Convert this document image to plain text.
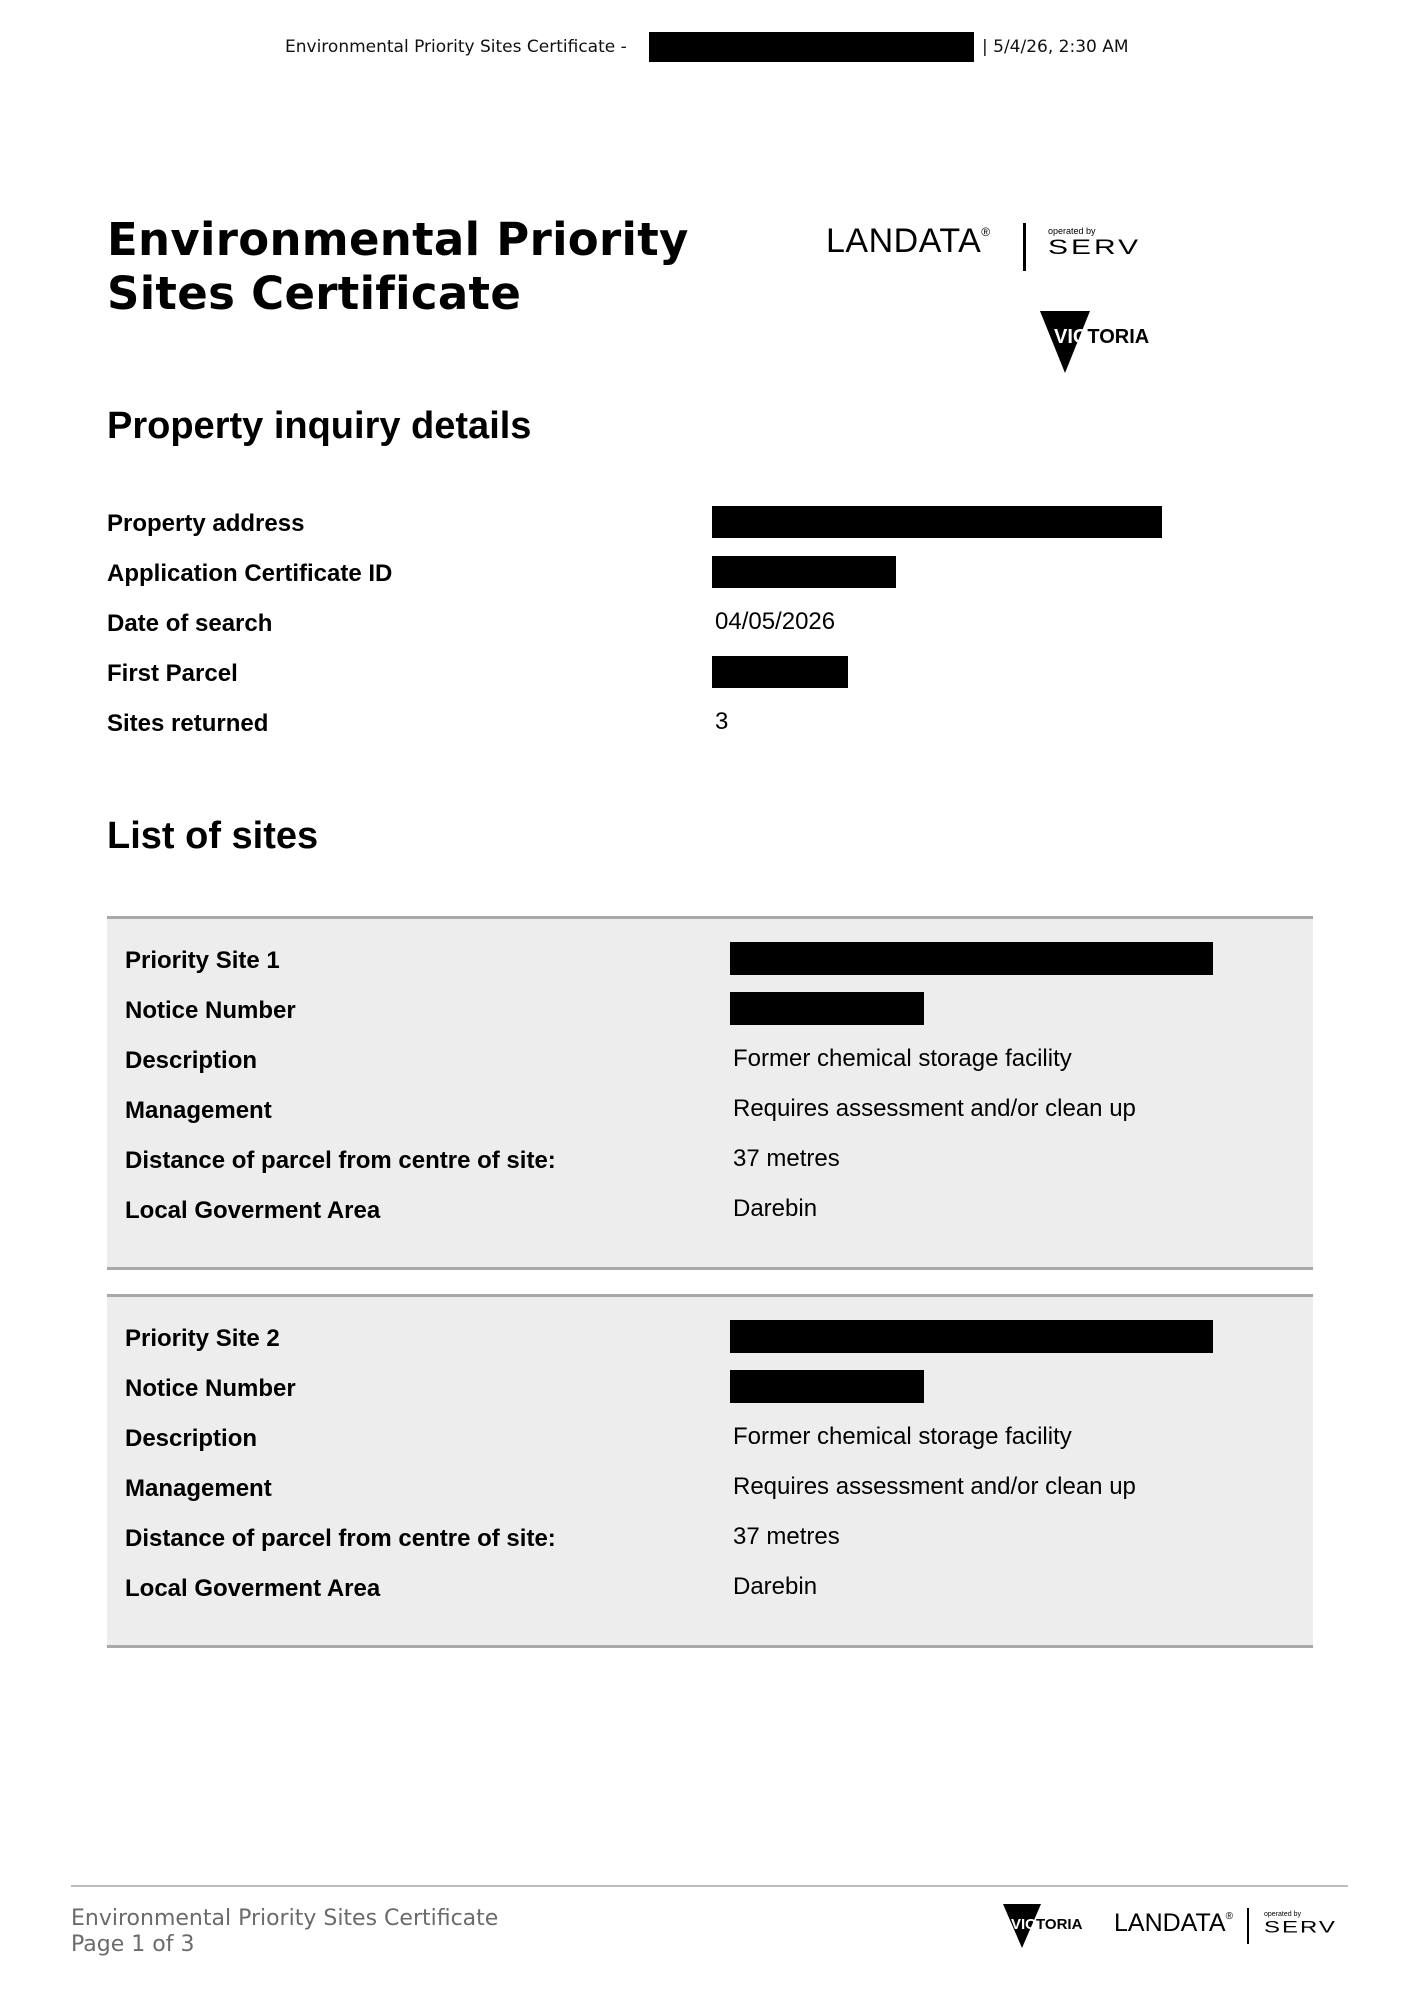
Environmental Priority Sites Certificate -	| 5/4/26, 2:30 AM
Environmental Priority
Sites Certificate
LANDATA®	operated by
SERV
VICTORIA
Property inquiry details
Property address
Application Certificate ID
Date of search	04/05/2026
First Parcel
Sites returned	3
List of sites
Priority Site 1
Notice Number
Description	Former chemical storage facility
Management	Requires assessment and/or clean up
Distance of parcel from centre of site:	37 metres
Local Goverment Area	Darebin
Priority Site 2
Notice Number
Description	Former chemical storage facility
Management	Requires assessment and/or clean up
Distance of parcel from centre of site:	37 metres
Local Goverment Area	Darebin
Environmental Priority Sites Certificate
Page 1 of 3
VICTORIA LANDATA®	operated by
SERV
